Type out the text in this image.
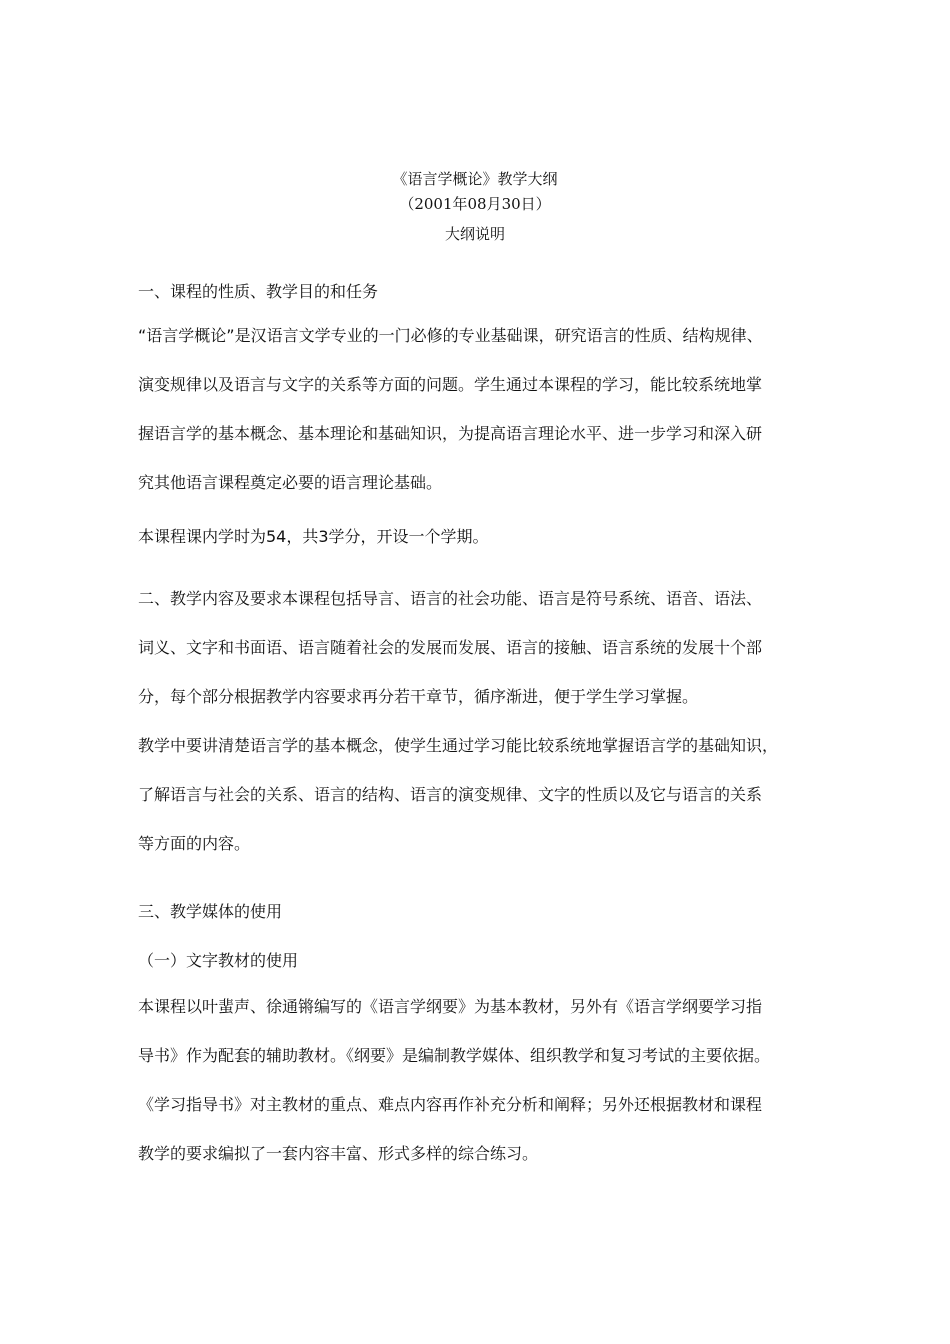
《语言学概论》教学大纲
（2001年08月30日）
大纲说明
一、课程的性质、教学目的和任务
“语言学概论”是汉语言文学专业的一门必修的专业基础课，研究语言的性质、结构规律、
演变规律以及语言与文字的关系等方面的问题。学生通过本课程的学习，能比较系统地掌
握语言学的基本概念、基本理论和基础知识，为提高语言理论水平、进一步学习和深入研
究其他语言课程奠定必要的语言理论基础。
本课程课内学时为54，共3学分，开设一个学期。
二、教学内容及要求本课程包括导言、语言的社会功能、语言是符号系统、语音、语法、
词义、文字和书面语、语言随着社会的发展而发展、语言的接触、语言系统的发展十个部
分，每个部分根据教学内容要求再分若干章节，循序渐进，便于学生学习掌握。
教学中要讲清楚语言学的基本概念，使学生通过学习能比较系统地掌握语言学的基础知识，
了解语言与社会的关系、语言的结构、语言的演变规律、文字的性质以及它与语言的关系
等方面的内容。
三、教学媒体的使用
（一）文字教材的使用
本课程以叶蜚声、徐通锵编写的《语言学纲要》为基本教材，另外有《语言学纲要学习指
导书》作为配套的辅助教材。《纲要》是编制教学媒体、组织教学和复习考试的主要依据。
《学习指导书》对主教材的重点、难点内容再作补充分析和阐释；另外还根据教材和课程
教学的要求编拟了一套内容丰富、形式多样的综合练习。
